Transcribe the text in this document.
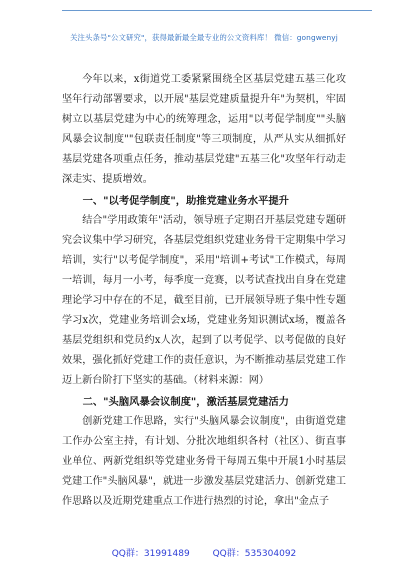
关注头条号"公文研究"，获得最新最全最专业的公文资料库！ 微信：gongwenyj

今年以来，x街道党工委紧紧围绕全区基层党建五基三化攻坚年行动部署要求，以开展"基层党建质量提升年"为契机，牢固树立以基层党建为中心的统筹理念，运用"以考促学制度""头脑风暴会议制度""包联责任制度"等三项制度，从严从实从细抓好基层党建各项重点任务，推动基层党建"五基三化"攻坚年行动走深走实、提质增效。

一、"以考促学制度"，助推党建业务水平提升

结合"学用政策年"活动，领导班子定期召开基层党建专题研究会议集中学习研究，各基层党组织党建业务骨干定期集中学习培训，实行"以考促学制度"，采用"培训+考试"工作模式，每周一培训，每月一小考，每季度一竞赛，以考试查找出自身在党建理论学习中存在的不足，截至目前，已开展领导班子集中性专题学习x次，党建业务培训会x场，党建业务知识测试x场，覆盖各基层党组织和党员约x人次，起到了以考促学、以考促做的良好效果，强化抓好党建工作的责任意识，为不断推动基层党建工作迈上新台阶打下坚实的基础。（材料来源：网）

二、"头脑风暴会议制度"，激活基层党建活力

创新党建工作思路，实行"头脑风暴会议制度"，由街道党建工作办公室主持，有计划、分批次地组织各村（社区）、街直事业单位、两新党组织等党建业务骨干每周五集中开展1小时基层党建工作"头脑风暴"，就进一步激发基层党建活力、创新党建工作思路以及近期党建重点工作进行热烈的讨论，拿出"金点子

QQ群：31991489	QQ群：535304092
